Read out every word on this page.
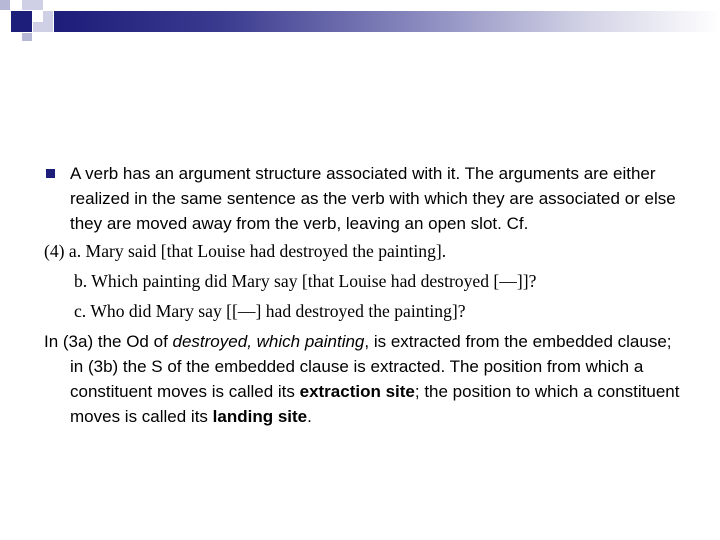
A verb has an argument structure associated with it. The arguments are either realized in the same sentence as the verb with which they are associated or else they are moved away from the verb, leaving an open slot. Cf.

(4) a. Mary said [that Louise had destroyed the painting].

b. Which painting did Mary say [that Louise had destroyed [—]]?

c. Who did Mary say [[—] had destroyed the painting]?

In (3a) the Od of destroyed, which painting, is extracted from the embedded clause; in (3b) the S of the embedded clause is extracted. The position from which a constituent moves is called its extraction site; the position to which a constituent moves is called its landing site.
